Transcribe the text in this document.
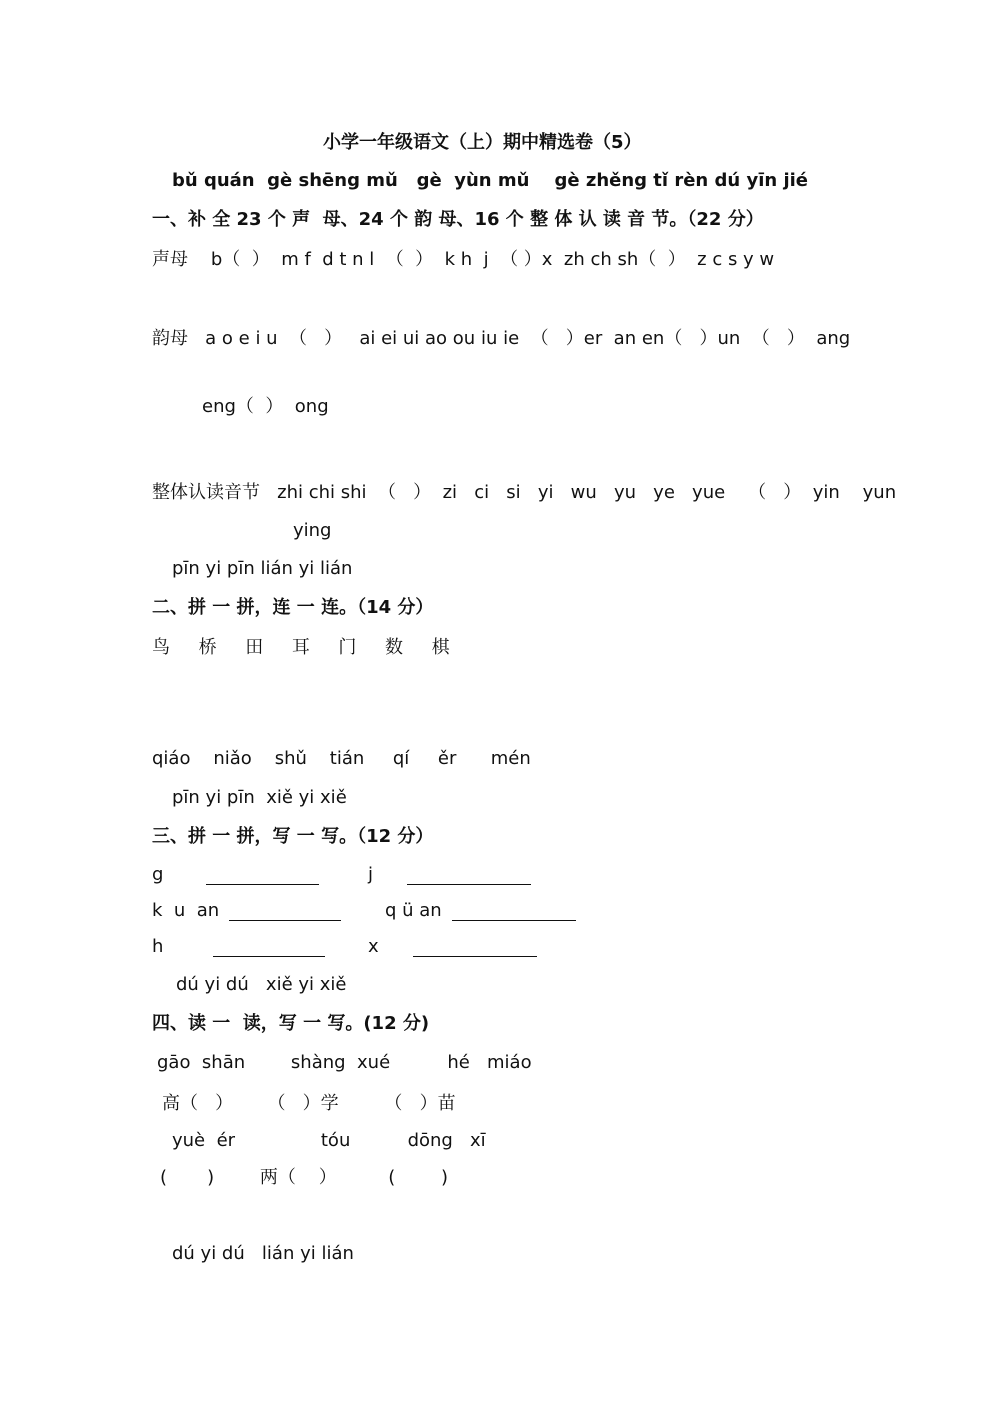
小学一年级语文（上）期中精选卷（5）
bǔ quán  gè shēng mǔ   gè  yùn mǔ    gè zhěng tǐ rèn dú yīn jié
一、补 全 23 个 声  母、24 个 韵 母、16 个 整 体 认 读 音 节。（22 分）
声母    b（  ）  m f  d t n l  （  ）  k h  j  （ ）x  zh ch sh（  ）  z c s y w
韵母   a o e i u  （   ）   ai ei ui ao ou iu ie  （   ）er  an en（   ）un  （   ）  ang
eng（  ）  ong
整体认读音节   zhi chi shi  （   ）  zi   ci   si   yi   wu   yu   ye   yue    （   ）  yin    yun
ying
pīn yi pīn lián yi lián
二、拼 一 拼，连 一 连。（14 分）
鸟     桥     田     耳     门     数     棋
qiáo    niǎo    shǔ    tián     qí     ěr      mén
pīn yi pīn  xiě yi xiě
三、拼 一 拼，写 一 写。（12 分）
g	j
k  u  an	q ü an
h	x
dú yi dú   xiě yi xiě
四、读 一  读，写 一 写。(12 分)
gāo  shān        shàng  xué          hé   miáo
高（   ）      （   ）学        （   ）苗
yuè  ér               tóu          dōng   xī
(       )        两（    ）         (        )
dú yi dú   lián yi lián
